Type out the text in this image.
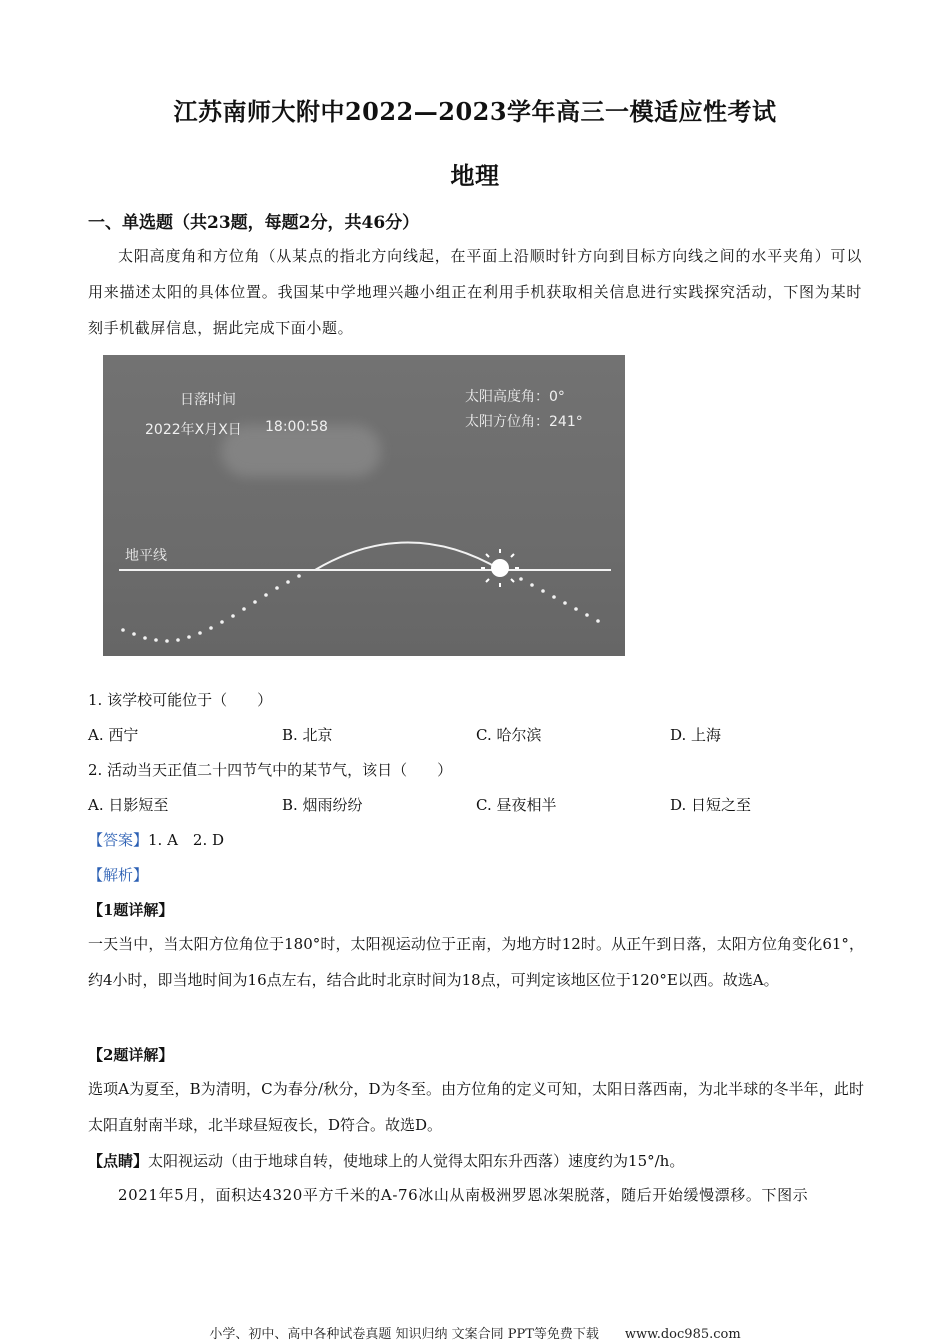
江苏南师大附中2022—2023学年高三一模适应性考试
地理
一、单选题（共23题，每题2分，共46分）
太阳高度角和方位角（从某点的指北方向线起，在平面上沿顺时针方向到目标方向线之间的水平夹角）可以用来描述太阳的具体位置。我国某中学地理兴趣小组正在利用手机获取相关信息进行实践探究活动，下图为某时刻手机截屏信息，据此完成下面小题。
日落时间
2022年X月X日 18:00:58
太阳高度角：0°
太阳方位角：241°
地平线
1. 该学校可能位于（　　）
A. 西宁	B. 北京	C. 哈尔滨	D. 上海
2. 活动当天正值二十四节气中的某节气，该日（　　）
A. 日影短至	B. 烟雨纷纷	C. 昼夜相半	D. 日短之至
【答案】1. A　2. D
【解析】
【1题详解】
一天当中，当太阳方位角位于180°时，太阳视运动位于正南，为地方时12时。从正午到日落，太阳方位角变化61°，约4小时，即当地时间为16点左右，结合此时北京时间为18点，可判定该地区位于120°E以西。故选A。
【2题详解】
选项A为夏至，B为清明，C为春分/秋分，D为冬至。由方位角的定义可知，太阳日落西南，为北半球的冬半年，此时太阳直射南半球，北半球昼短夜长，D符合。故选D。
【点睛】太阳视运动（由于地球自转，使地球上的人觉得太阳东升西落）速度约为15°/h。
2021年5月，面积达4320平方千米的A-76冰山从南极洲罗恩冰架脱落，随后开始缓慢漂移。下图示
小学、初中、高中各种试卷真题 知识归纳 文案合同 PPT等免费下载　　www.doc985.com
